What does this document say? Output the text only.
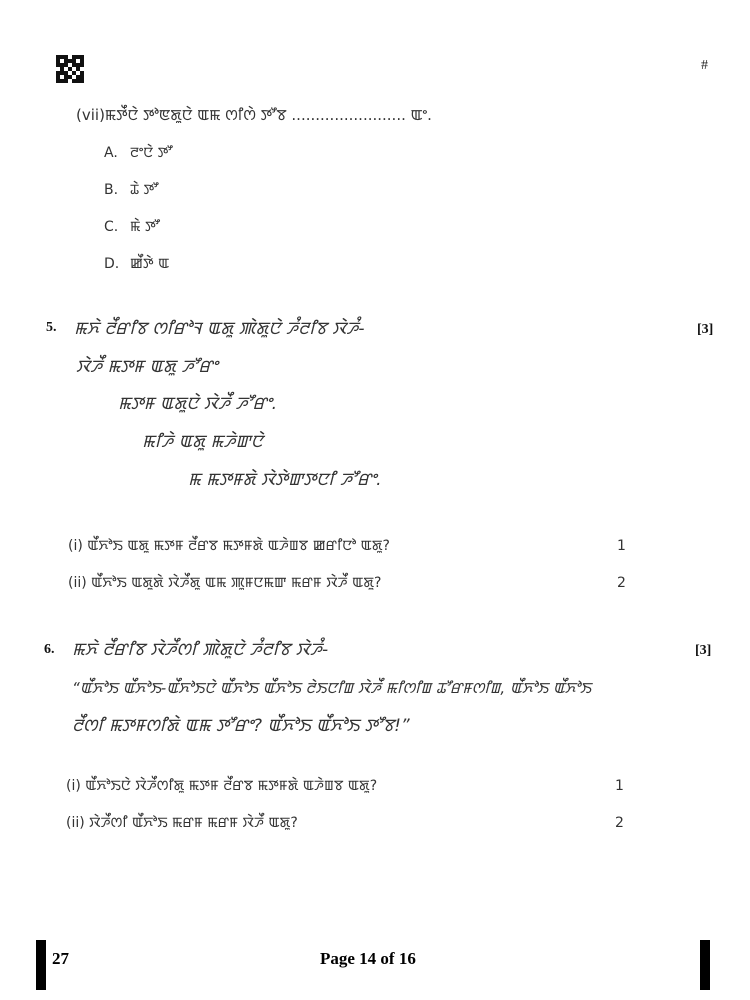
#
(vii)ꯃꯇꯩꯅꯥ ꯇꯣꯟꯗꯨꯅꯥ ꯑꯃ ꯁꯤꯁꯥ ꯇꯧꯕ ........................ ꯑꯦ.
A. ꯂꯦꯅꯥ ꯇꯧ
B. ꯊꯥ ꯇꯧ
C. ꯃꯥ ꯇꯧ
D. ꯀꯩꯇꯥ ꯑ
5. ꯃꯈꯥ ꯂꯩꯔꯤꯕ ꯁꯤꯔꯣꯜ ꯑꯗꯨ ꯄꯥꯗꯨꯅꯥ ꯍꯪꯂꯤꯕ ꯋꯥꯍꯪ-	[3]
ꯋꯥꯍꯩ ꯃꯇꯝ ꯑꯗꯨ ꯍꯧꯔꯦ
ꯃꯇꯝ ꯑꯗꯨꯅꯥ ꯋꯥꯍꯩ ꯍꯧꯔꯦ.
ꯃꯤꯍꯥ ꯑꯗꯨ ꯃꯍꯥꯛꯅꯥ
ꯃ ꯃꯇꯝꯗꯥ ꯋꯥꯇꯥꯛꯇꯅꯤ ꯍꯧꯔꯦ.
(i) ꯑꯩꯈꯣꯏ ꯑꯗꯨ ꯃꯇꯝ ꯂꯩꯔꯕ ꯃꯇꯝꯗꯥ ꯑꯍꯥꯡꯕ ꯀꯔꯤꯅꯣ ꯑꯗꯨ?	1
(ii) ꯑꯩꯈꯣꯏ ꯑꯗꯨꯗꯥ ꯋꯥꯍꯩꯗꯨ ꯑꯃ ꯄꯨꯝꯅꯃꯛ ꯃꯔꯝ ꯋꯥꯍꯩ ꯑꯗꯨ?	2
6. ꯃꯈꯥ ꯂꯩꯔꯤꯕ ꯋꯥꯍꯩꯁꯤ ꯄꯥꯗꯨꯅꯥ ꯍꯪꯂꯤꯕ ꯋꯥꯍꯪ-	[3]
“ꯑꯩꯈꯣꯏ ꯑꯩꯈꯣꯏ-ꯑꯩꯈꯣꯏꯅꯥ ꯑꯩꯈꯣꯏ ꯑꯩꯈꯣꯏ ꯂꯥꯏꯅꯤꯡ ꯋꯥꯍꯩ ꯃꯤꯁꯤꯡ ꯊꯧꯔꯝꯁꯤꯡ, ꯑꯩꯈꯣꯏ ꯑꯩꯈꯣꯏ
ꯂꯩꯁꯤ ꯃꯇꯝꯁꯤꯗꯥ ꯑꯃ ꯇꯧꯔꯦ? ꯑꯩꯈꯣꯏ ꯑꯩꯈꯣꯏ ꯇꯧꯕ!”
(i) ꯑꯩꯈꯣꯏꯅꯥ ꯋꯥꯍꯩꯁꯤꯗꯨ ꯃꯇꯝ ꯂꯩꯔꯕ ꯃꯇꯝꯗꯥ ꯑꯍꯥꯡꯕ ꯑꯗꯨ?	1
(ii) ꯋꯥꯍꯩꯁꯤ ꯑꯩꯈꯣꯏ ꯃꯔꯝ ꯃꯔꯝ ꯋꯥꯍꯩ ꯑꯗꯨ?	2
27	Page 14 of 16
